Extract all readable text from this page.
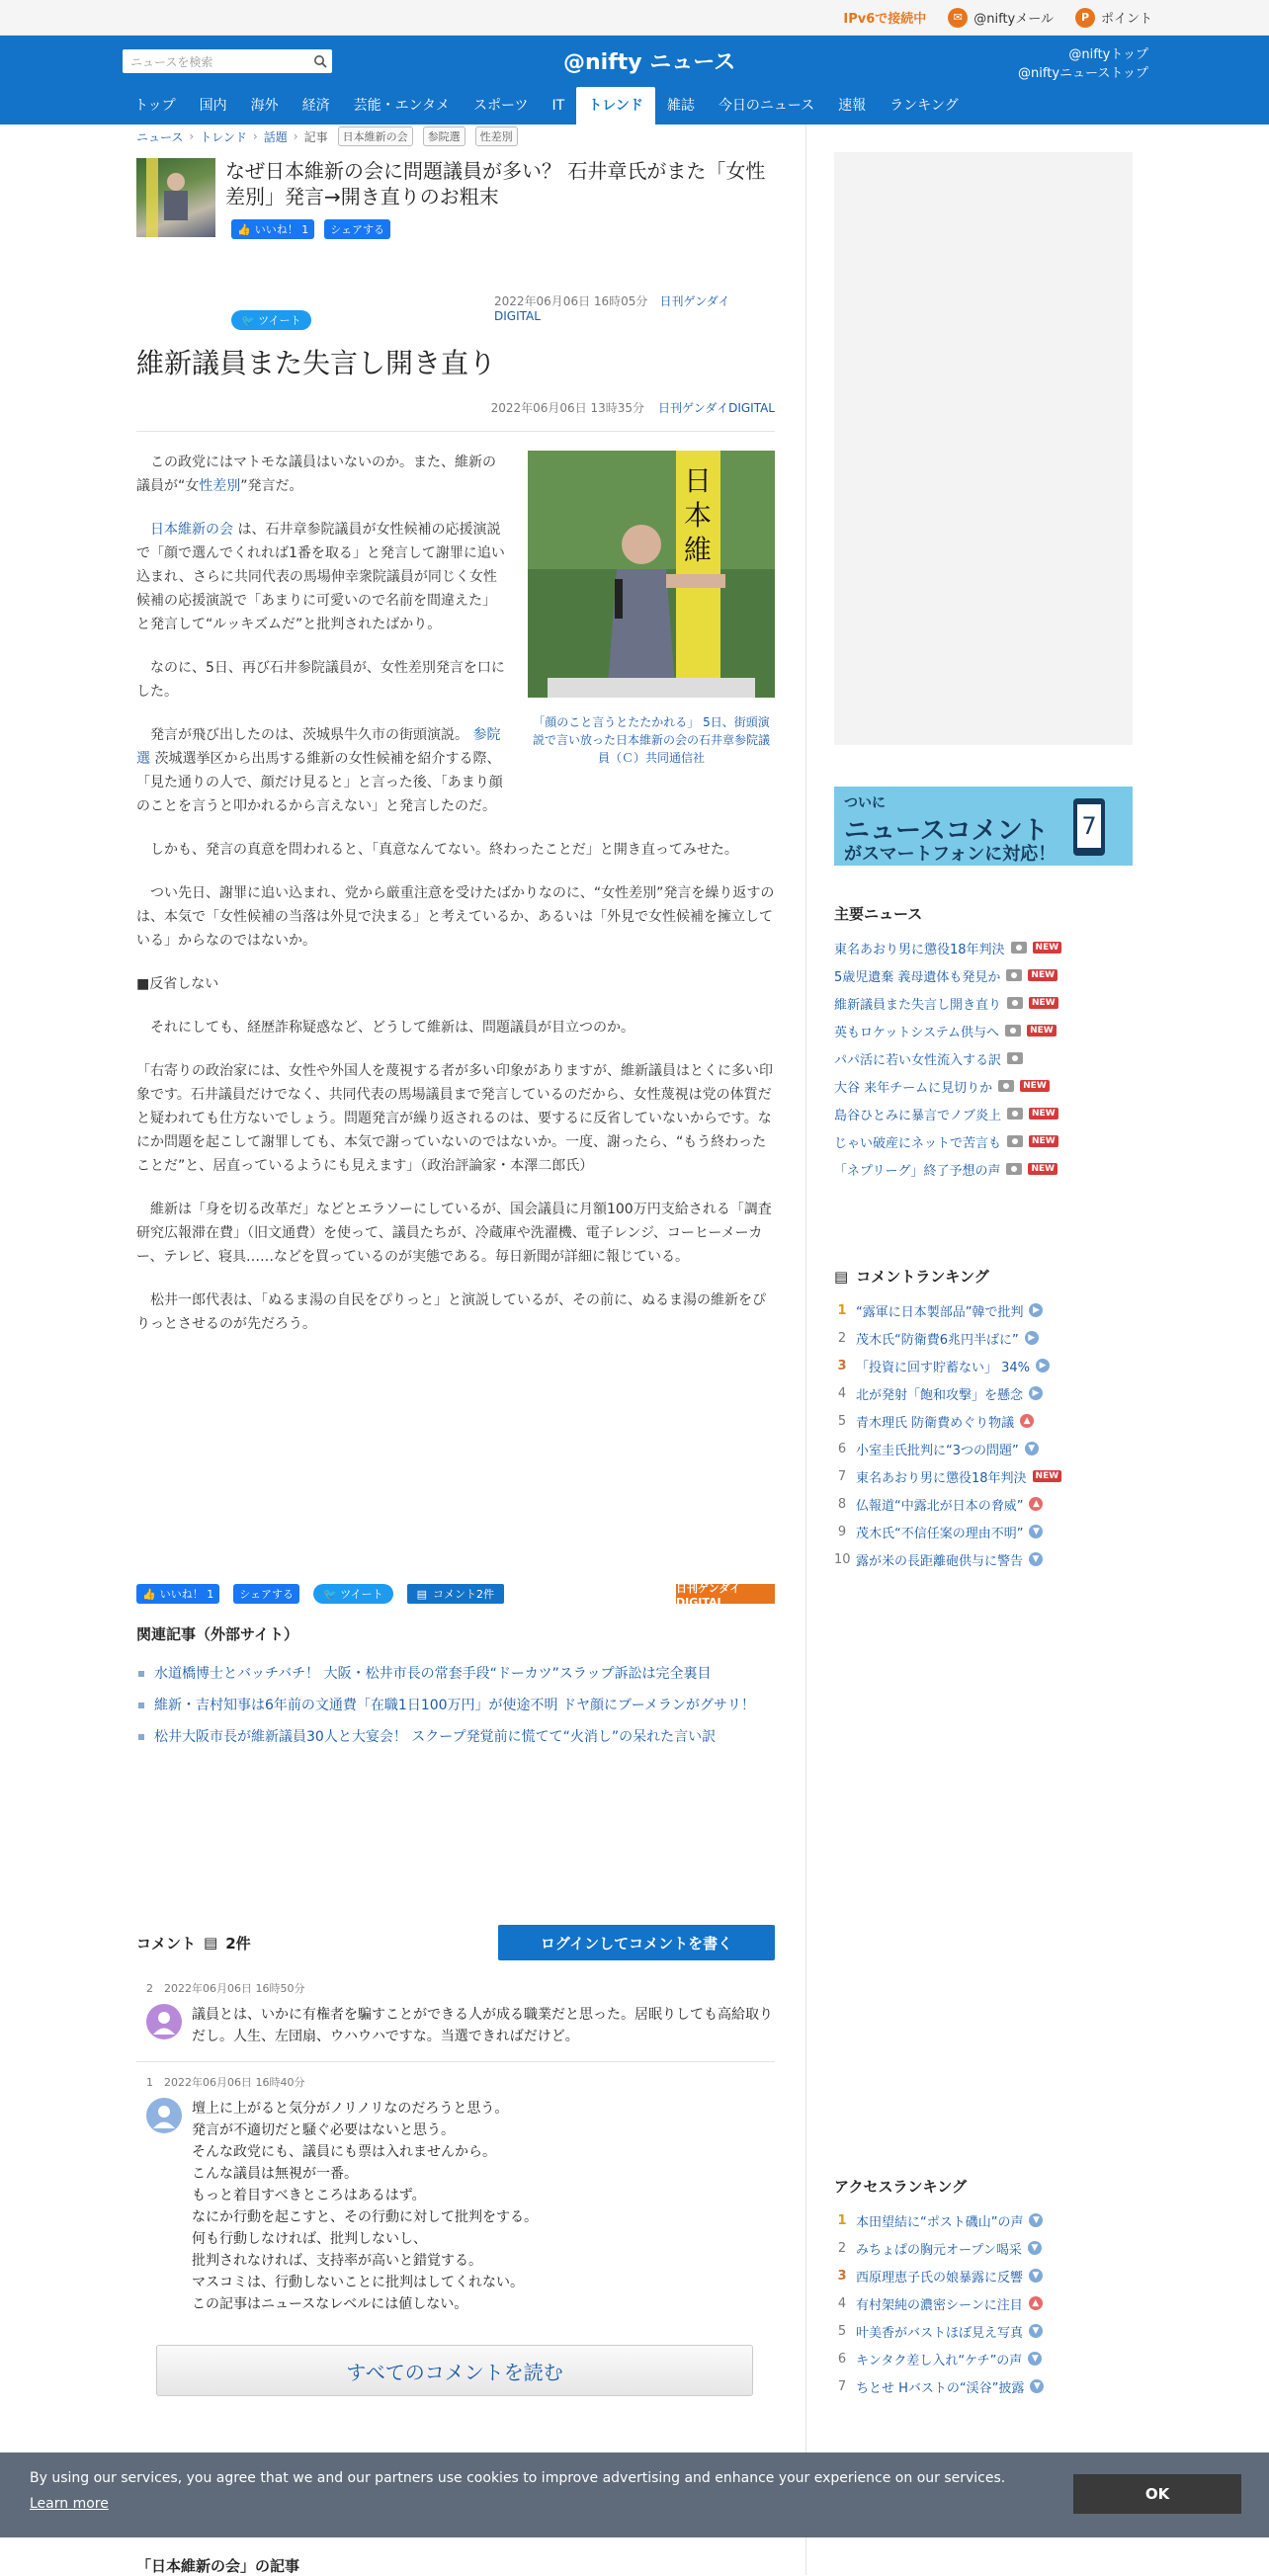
IPv6で接続中	✉ @niftyメール	P ポイント
ニュースを検索	@nifty ニュース	@niftyトップ
@niftyニューストップ
トップ	国内	海外	経済	芸能・エンタメ	スポーツ	IT	トレンド	雑誌	今日のニュース	速報	ランキング
ニュース › トレンド › 話題 › 記事	日本維新の会	参院選	性差別
なぜ日本維新の会に問題議員が多い？ 石井章氏がまた「女性差別」発言→開き直りのお粗末
👍 いいね！ 1	シェアする
🐦
ツイート
2022年06月06日 16時05分　 日刊ゲンダイDIGITAL
維新議員また失言し開き直り
2022年06月06日 13時35分 日刊ゲンダイDIGITAL
日
本
維
「顔のこと言うとたたかれる」 5日、街頭演説で言い放った日本維新の会の石井章参院議員（Ｃ）共同通信社

この政党にはマトモな議員はいないのか。また、維新の議員が“女性差別”発言だ。

日本維新の会 は、石井章参院議員が女性候補の応援演説で「顔で選んでくれれば1番を取る」と発言して謝罪に追い込まれ、さらに共同代表の馬場伸幸衆院議員が同じく女性候補の応援演説で「あまりに可愛いので名前を間違えた」と発言して“ルッキズムだ”と批判されたばかり。

なのに、5日、再び石井参院議員が、女性差別発言を口にした。

発言が飛び出したのは、茨城県牛久市の街頭演説。 参院選 茨城選挙区から出馬する維新の女性候補を紹介する際、「見た通りの人で、顔だけ見ると」と言った後、「あまり顔のことを言うと叩かれるから言えない」と発言したのだ。

しかも、発言の真意を問われると、「真意なんてない。終わったことだ」と開き直ってみせた。

つい先日、謝罪に追い込まれ、党から厳重注意を受けたばかりなのに、“女性差別”発言を繰り返すのは、本気で「女性候補の当落は外見で決まる」と考えているか、あるいは「外見で女性候補を擁立している」からなのではないか。

■反省しない

それにしても、経歴詐称疑惑など、どうして維新は、問題議員が目立つのか。

「右寄りの政治家には、女性や外国人を蔑視する者が多い印象がありますが、維新議員はとくに多い印象です。石井議員だけでなく、共同代表の馬場議員まで発言しているのだから、女性蔑視は党の体質だと疑われても仕方ないでしょう。問題発言が繰り返されるのは、要するに反省していないからです。なにか問題を起こして謝罪しても、本気で謝っていないのではないか。一度、謝ったら、“もう終わったことだ”と、居直っているようにも見えます」（政治評論家・本澤二郎氏）

維新は「身を切る改革だ」などとエラソーにしているが、国会議員に月額100万円支給される「調査研究広報滞在費」（旧文通費）を使って、議員たちが、冷蔵庫や洗濯機、電子レンジ、コーヒーメーカー、テレビ、寝具……などを買っているのが実態である。毎日新聞が詳細に報じている。

松井一郎代表は、「ぬるま湯の自民をぴりっと」と演説しているが、その前に、ぬるま湯の維新をぴりっとさせるのが先だろう。

👍 いいね！ 1	シェアする	🐦
ツイート	▤ コメント2件	日刊ゲンダイDIGITAL
関連記事（外部サイト）
水道橋博士とバッチバチ！ 大阪・松井市長の常套手段“ドーカツ”スラップ訴訟は完全裏目
維新・吉村知事は6年前の文通費「在職1日100万円」が使途不明 ドヤ顔にブーメランがグサリ！
松井大阪市長が維新議員30人と大宴会！ スクープ発覚前に慌てて“火消し”の呆れた言い訳
コメント ▤ 2件	ログインしてコメントを書く
2　 2022年06月06日 16時50分
議員とは、いかに有権者を騙すことができる人が成る職業だと思った。居眠りしても高給取りだし。人生、左団扇、ウハウハですな。当選できればだけど。
1　 2022年06月06日 16時40分
壇上に上がると気分がノリノリなのだろうと思う。
発言が不適切だと騒ぐ必要はないと思う。
そんな政党にも、議員にも票は入れませんから。
こんな議員は無視が一番。
もっと着目すべきところはあるはず。
なにか行動を起こすと、その行動に対して批判をする。
何も行動しなければ、批判しないし、
批判されなければ、支持率が高いと錯覚する。
マスコミは、行動しないことに批判はしてくれない。
この記事はニュースなレベルには値しない。
すべてのコメントを読む
「日本維新の会」の記事
ついに
ニュースコメント
がスマートフォンに対応！
7
主要ニュース
東名あおり男に懲役18年判決	NEW
5歳児遺棄 義母遺体も発見か	NEW
維新議員また失言し開き直り	NEW
英もロケットシステム供与へ	NEW
パパ活に若い女性流入する訳
大谷 来年チームに見切りか	NEW
島谷ひとみに暴言でノブ炎上	NEW
じゃい破産にネットで苦言も	NEW
「ネプリーグ」終了予想の声	NEW
▤ コメントランキング
1 “露軍に日本製部品”韓で批判	▶
2 茂木氏“防衛費6兆円半ばに”	▶
3 「投資に回す貯蓄ない」 34%	▶
4 北が発射「飽和攻撃」を懸念	▶
5 青木理氏 防衛費めぐり物議	▲
6 小室圭氏批判に“3つの問題”	▼
7 東名あおり男に懲役18年判決	NEW
8 仏報道“中露北が日本の脅威”	▲
9 茂木氏“不信任案の理由不明”	▼
10 露が米の長距離砲供与に警告	▼
アクセスランキング
1 本田望結に“ポスト磯山”の声	▼
2 みちょぱの胸元オープン喝采	▼
3 西原理恵子氏の娘暴露に反響	▼
4 有村架純の濃密シーンに注目	▲
5 叶美香がバストほぼ見え写真	▼
6 キンタク差し入れ“ケチ”の声	▼
7 ちとせ Hバストの“渓谷”披露	▼
By using our services, you agree that we and our partners use cookies to improve advertising and enhance your experience on our services.
Learn more
OK
